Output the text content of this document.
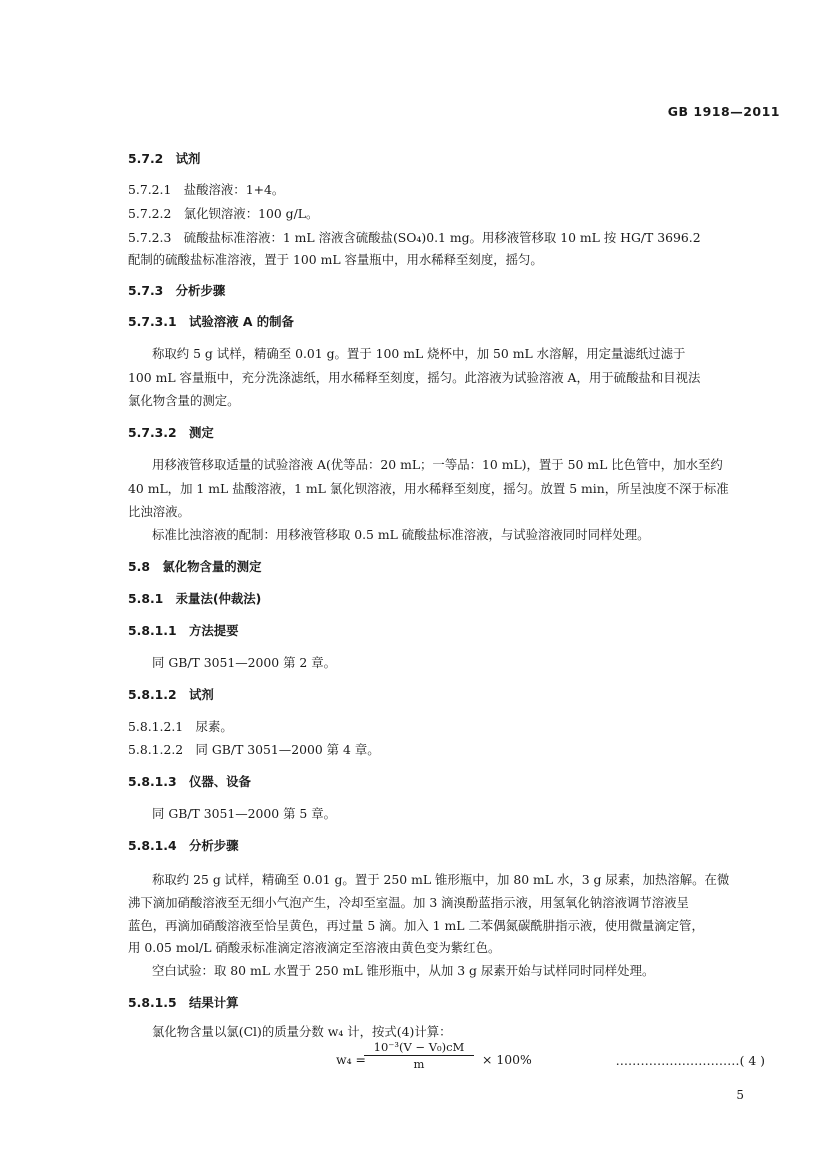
GB 1918—2011
5.7.2　试剂
5.7.2.1　盐酸溶液：1+4。
5.7.2.2　氯化钡溶液：100 g/L。
5.7.2.3　硫酸盐标准溶液：1 mL 溶液含硫酸盐(SO₄)0.1 mg。用移液管移取 10 mL 按 HG/T 3696.2
配制的硫酸盐标准溶液，置于 100 mL 容量瓶中，用水稀释至刻度，摇匀。
5.7.3　分析步骤
5.7.3.1　试验溶液 A 的制备
称取约 5 g 试样，精确至 0.01 g。置于 100 mL 烧杯中，加 50 mL 水溶解，用定量滤纸过滤于
100 mL 容量瓶中，充分洗涤滤纸，用水稀释至刻度，摇匀。此溶液为试验溶液 A，用于硫酸盐和目视法
氯化物含量的测定。
5.7.3.2　测定
用移液管移取适量的试验溶液 A(优等品：20 mL；一等品：10 mL)，置于 50 mL 比色管中，加水至约
40 mL，加 1 mL 盐酸溶液，1 mL 氯化钡溶液，用水稀释至刻度，摇匀。放置 5 min，所呈浊度不深于标准
比浊溶液。
标准比浊溶液的配制：用移液管移取 0.5 mL 硫酸盐标准溶液，与试验溶液同时同样处理。
5.8　氯化物含量的测定
5.8.1　汞量法(仲裁法)
5.8.1.1　方法提要
同 GB/T 3051—2000 第 2 章。
5.8.1.2　试剂
5.8.1.2.1　尿素。
5.8.1.2.2　同 GB/T 3051—2000 第 4 章。
5.8.1.3　仪器、设备
同 GB/T 3051—2000 第 5 章。
5.8.1.4　分析步骤
称取约 25 g 试样，精确至 0.01 g。置于 250 mL 锥形瓶中，加 80 mL 水，3 g 尿素，加热溶解。在微
沸下滴加硝酸溶液至无细小气泡产生，冷却至室温。加 3 滴溴酚蓝指示液，用氢氧化钠溶液调节溶液呈
蓝色，再滴加硝酸溶液至恰呈黄色，再过量 5 滴。加入 1 mL 二苯偶氮碳酰肼指示液，使用微量滴定管，
用 0.05 mol/L 硝酸汞标准滴定溶液滴定至溶液由黄色变为紫红色。
空白试验：取 80 mL 水置于 250 mL 锥形瓶中，从加 3 g 尿素开始与试样同时同样处理。
5.8.1.5　结果计算
氯化物含量以氯(Cl)的质量分数 w₄ 计，按式(4)计算：
w₄ =
$\frac{\text{10⁻³(V − V₀)cM}}{m} \times 100\%$	…………………………( 4 )
5
